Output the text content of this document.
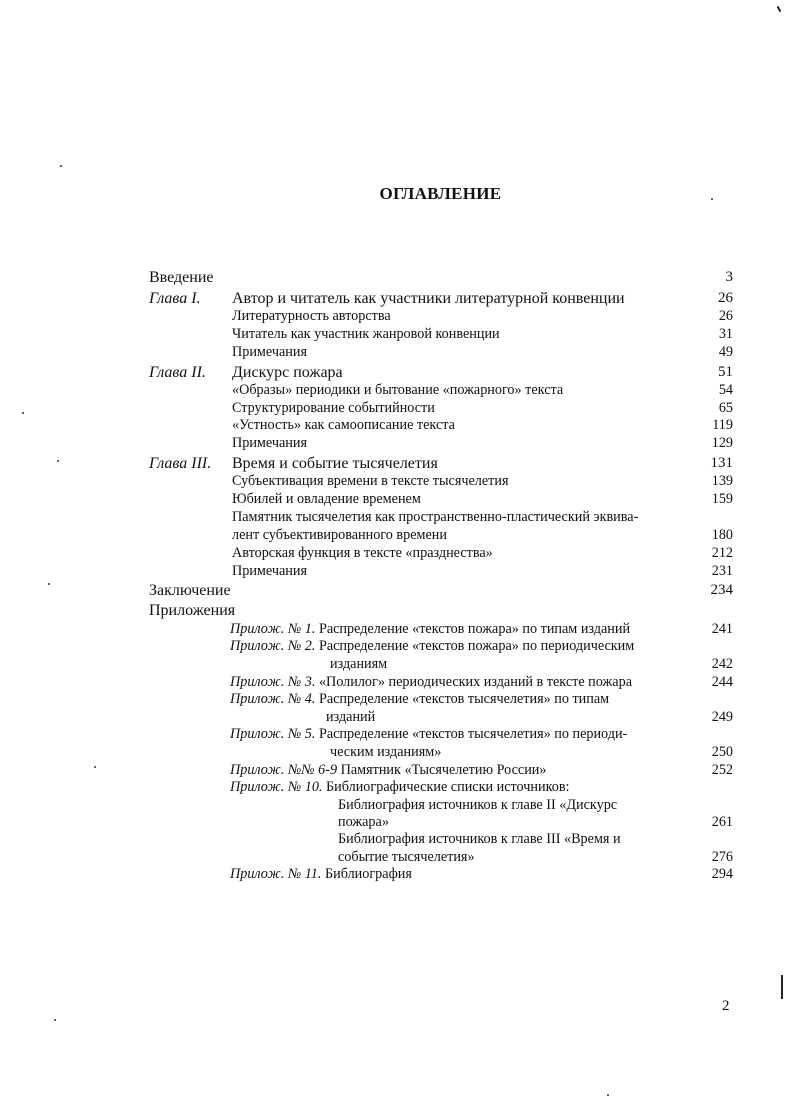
ОГЛАВЛЕНИЕ
Введение	3
Глава I. Автор и читатель как участники литературной конвенции	26
Литературность авторства	26
Читатель как участник жанровой конвенции	31
Примечания	49
Глава II. Дискурс пожара	51
«Образы» периодики и бытование «пожарного» текста	54
Структурирование событийности	65
«Устность» как самоописание текста	119
Примечания	129
Глава III. Время и событие тысячелетия	131
Субъективация времени в тексте тысячелетия	139
Юбилей и овладение временем	159
Памятник тысячелетия как пространственно-пластический эквива-
лент субъективированного времени	180
Авторская функция в тексте «празднества»	212
Примечания	231
Заключение	234
Приложения
Прилож. № 1. Распределение «текстов пожара» по типам изданий	241
Прилож. № 2. Распределение «текстов пожара» по периодическим
изданиям	242
Прилож. № 3. «Полилог» периодических изданий в тексте пожара	244
Прилож. № 4. Распределение «текстов тысячелетия» по типам
изданий	249
Прилож. № 5. Распределение «текстов тысячелетия» по периоди-
ческим изданиям»	250
Прилож. №№ 6-9 Памятник «Тысячелетию России»	252
Прилож. № 10. Библиографические списки источников:
Библиография источников к главе II «Дискурс
пожара»	261
Библиография источников к главе III «Время и
событие тысячелетия»	276
Прилож. № 11. Библиография	294
2
